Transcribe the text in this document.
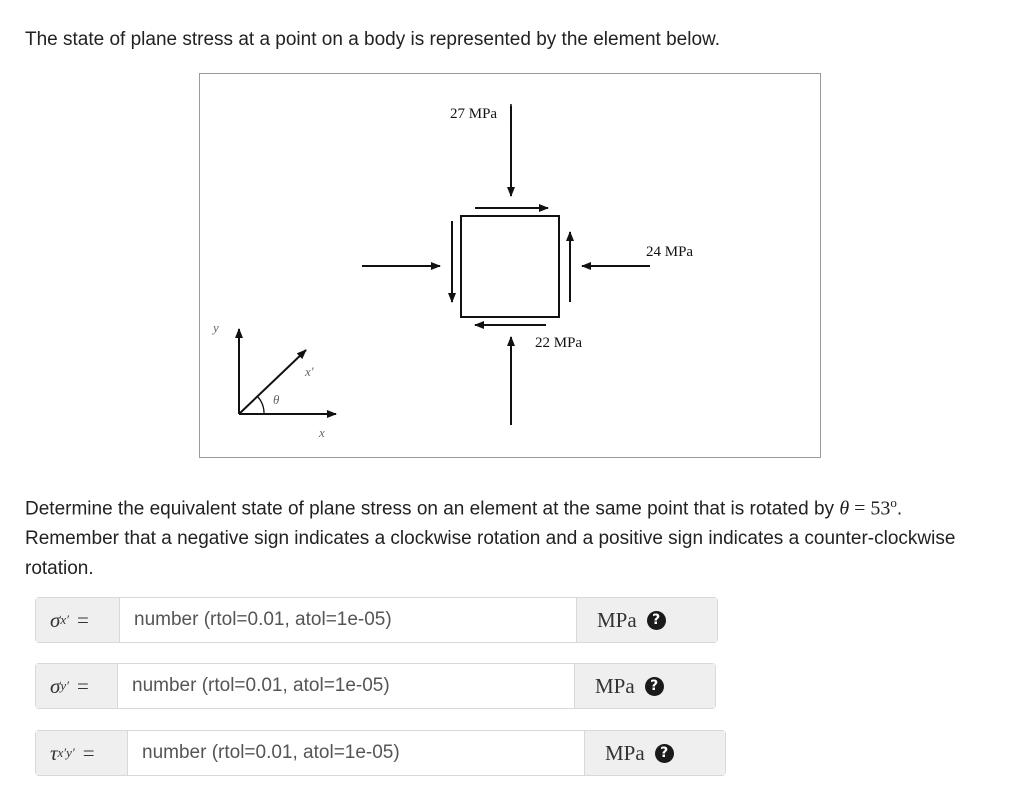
The state of plane stress at a point on a body is represented by the element below.

27 MPa
24 MPa
22 MPa
y
x
x'
θ

Determine the equivalent state of plane stress on an element at the same point that is rotated by $\theta = 53^o$. Remember that a negative sign indicates a clockwise rotation and a positive sign indicates a counter-clockwise rotation.

σ x′ =
number (rtol=0.01, atol=1e-05)	MPa	?
σ y′ =
number (rtol=0.01, atol=1e-05)	MPa	?
τ x′y′ =
number (rtol=0.01, atol=1e-05)	MPa	?
